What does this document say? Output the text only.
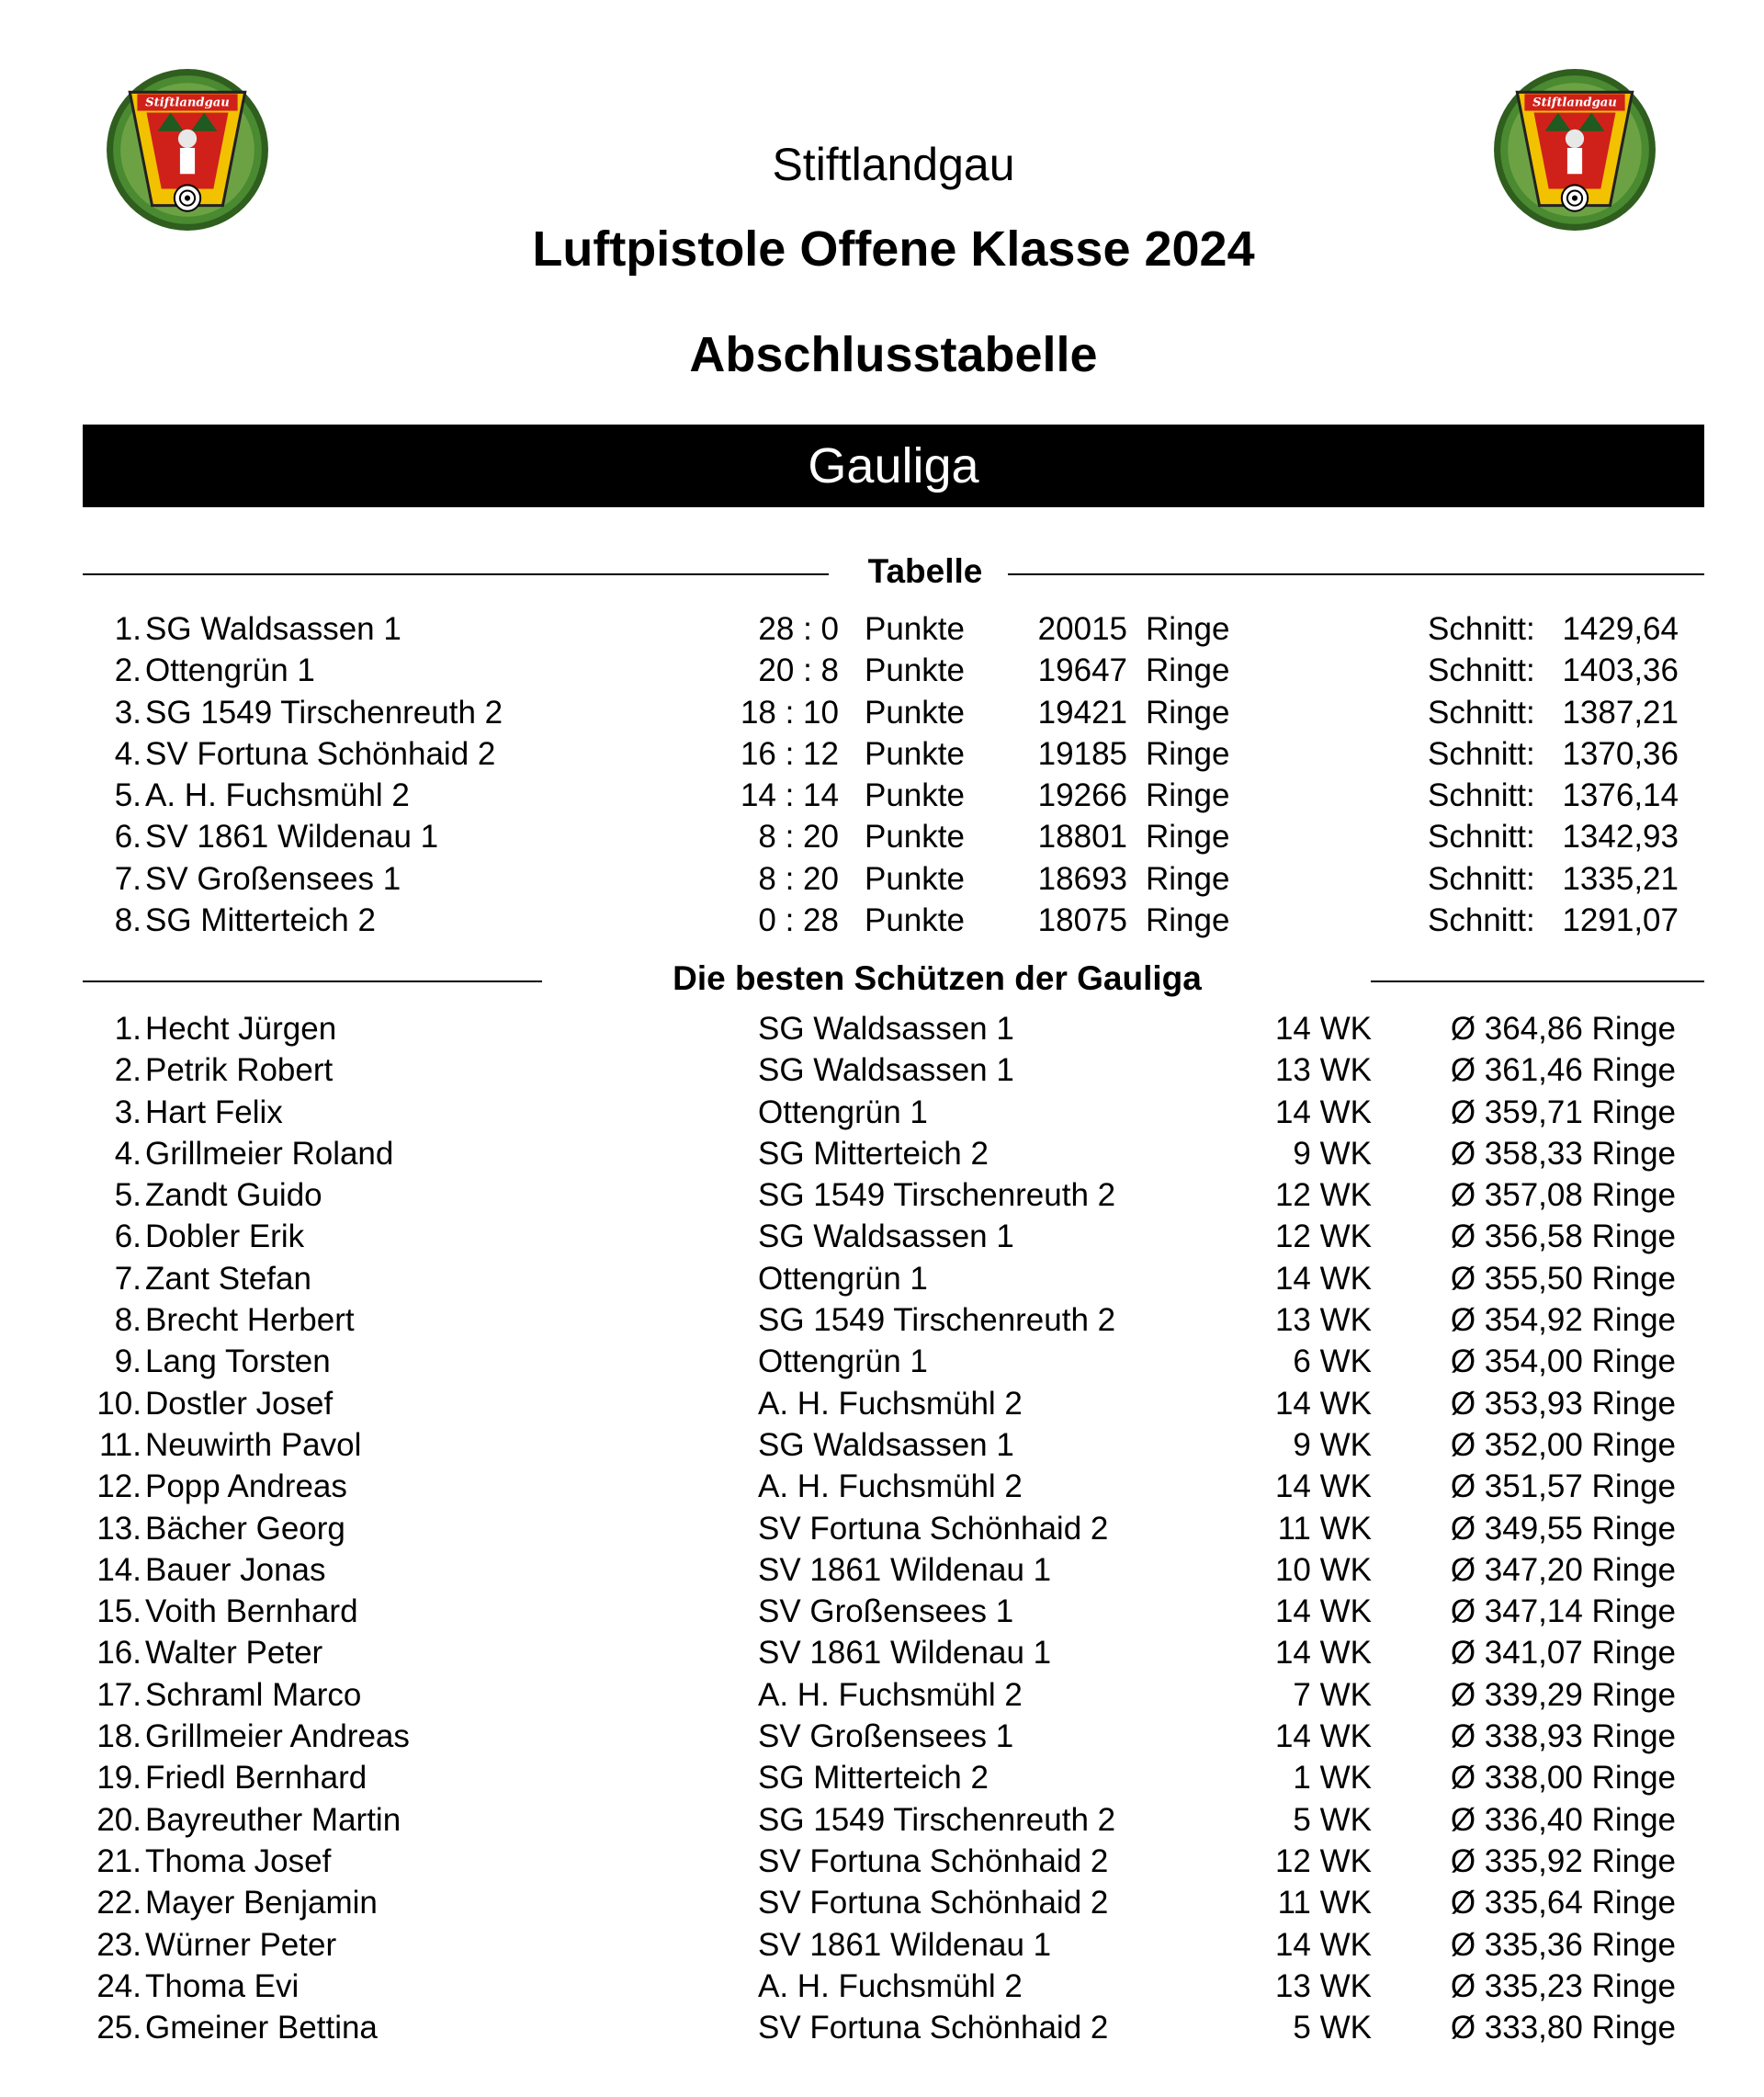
Stiftlandgau	Stiftlandgau
Stiftlandgau
Luftpistole Offene Klasse 2024
Abschlusstabelle
Gauliga
Tabelle
1. SG Waldsassen 1	28 : 0 Punkte 20015 Ringe	Schnitt: 1429,64
2. Ottengrün 1	20 : 8 Punkte 19647 Ringe	Schnitt: 1403,36
3. SG 1549 Tirschenreuth 2	18 : 10 Punkte 19421 Ringe	Schnitt: 1387,21
4. SV Fortuna Schönhaid 2	16 : 12 Punkte 19185 Ringe	Schnitt: 1370,36
5. A. H. Fuchsmühl 2	14 : 14 Punkte 19266 Ringe	Schnitt: 1376,14
6. SV 1861 Wildenau 1	8 : 20 Punkte 18801 Ringe	Schnitt: 1342,93
7. SV Großensees 1	8 : 20 Punkte 18693 Ringe	Schnitt: 1335,21
8. SG Mitterteich 2	0 : 28 Punkte 18075 Ringe	Schnitt: 1291,07
Die besten Schützen der Gauliga
1. Hecht Jürgen	SG Waldsassen 1	14 WK Ø 364,86 Ringe
2. Petrik Robert	SG Waldsassen 1	13 WK Ø 361,46 Ringe
3. Hart Felix	Ottengrün 1	14 WK Ø 359,71 Ringe
4. Grillmeier Roland	SG Mitterteich 2	9 WK Ø 358,33 Ringe
5. Zandt Guido	SG 1549 Tirschenreuth 2	12 WK Ø 357,08 Ringe
6. Dobler Erik	SG Waldsassen 1	12 WK Ø 356,58 Ringe
7. Zant Stefan	Ottengrün 1	14 WK Ø 355,50 Ringe
8. Brecht Herbert	SG 1549 Tirschenreuth 2	13 WK Ø 354,92 Ringe
9. Lang Torsten	Ottengrün 1	6 WK Ø 354,00 Ringe
10. Dostler Josef	A. H. Fuchsmühl 2	14 WK Ø 353,93 Ringe
11. Neuwirth Pavol	SG Waldsassen 1	9 WK Ø 352,00 Ringe
12. Popp Andreas	A. H. Fuchsmühl 2	14 WK Ø 351,57 Ringe
13. Bächer Georg	SV Fortuna Schönhaid 2	11 WK Ø 349,55 Ringe
14. Bauer Jonas	SV 1861 Wildenau 1	10 WK Ø 347,20 Ringe
15. Voith Bernhard	SV Großensees 1	14 WK Ø 347,14 Ringe
16. Walter Peter	SV 1861 Wildenau 1	14 WK Ø 341,07 Ringe
17. Schraml Marco	A. H. Fuchsmühl 2	7 WK Ø 339,29 Ringe
18. Grillmeier Andreas	SV Großensees 1	14 WK Ø 338,93 Ringe
19. Friedl Bernhard	SG Mitterteich 2	1 WK Ø 338,00 Ringe
20. Bayreuther Martin	SG 1549 Tirschenreuth 2	5 WK Ø 336,40 Ringe
21. Thoma Josef	SV Fortuna Schönhaid 2	12 WK Ø 335,92 Ringe
22. Mayer Benjamin	SV Fortuna Schönhaid 2	11 WK Ø 335,64 Ringe
23. Würner Peter	SV 1861 Wildenau 1	14 WK Ø 335,36 Ringe
24. Thoma Evi	A. H. Fuchsmühl 2	13 WK Ø 335,23 Ringe
25. Gmeiner Bettina	SV Fortuna Schönhaid 2	5 WK Ø 333,80 Ringe
